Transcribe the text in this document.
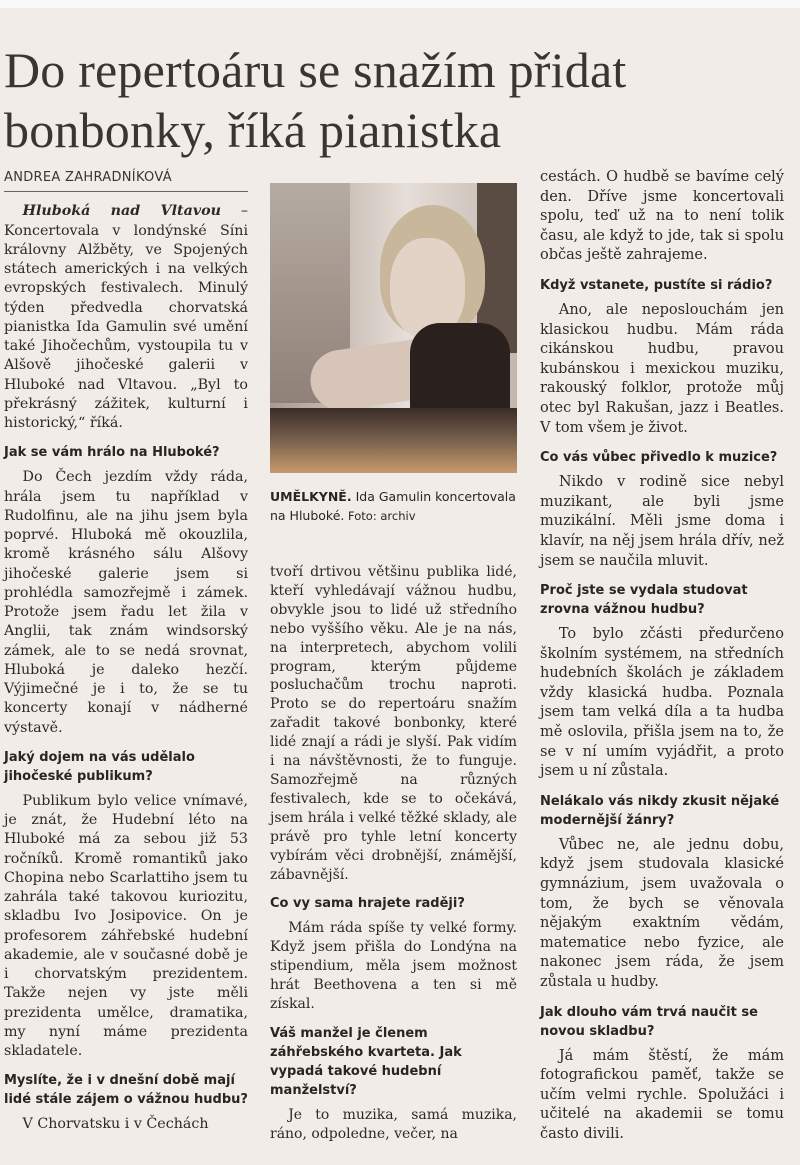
Do repertoáru se snažím přidat bonbonky, říká pianistka
ANDREA ZAHRADNÍKOVÁ

Hluboká nad Vltavou – Koncertovala v londýnské Síni královny Alžběty, ve Spojených státech amerických i na velkých evropských festivalech. Minulý týden předvedla chorvatská pianistka Ida Gamulin své umění také Jihočechům, vystoupila tu v Alšově jihočeské galerii v Hluboké nad Vltavou. „Byl to překrásný zážitek, kulturní i historický,“ říká.

Jak se vám hrálo na Hluboké?

Do Čech jezdím vždy ráda, hrála jsem tu například v Rudolfinu, ale na jihu jsem byla poprvé. Hluboká mě okouzlila, kromě krásného sálu Alšovy jihočeské galerie jsem si prohlédla samozřejmě i zámek. Protože jsem řadu let žila v Anglii, tak znám windsorský zámek, ale to se nedá srovnat, Hluboká je daleko hezčí. Výjimečné je i to, že se tu koncerty konají v nádherné výstavě.

Jaký dojem na vás udělalo jihočeské publikum?

Publikum bylo velice vnímavé, je znát, že Hudební léto na Hluboké má za sebou již 53 ročníků. Kromě romantiků jako Chopina nebo Scarlattiho jsem tu zahrála také takovou kuriozitu, skladbu Ivo Josipovice. On je profesorem záhřebské hudební akademie, ale v současné době je i chorvatským prezidentem. Takže nejen vy jste měli prezidenta umělce, dramatika, my nyní máme prezidenta skladatele.

Myslíte, že i v dnešní době mají lidé stále zájem o vážnou hudbu?

V Chorvatsku i v Čechách

UMĚLKYNĚ. Ida Gamulin koncertovala na Hluboké. Foto: archiv

tvoří drtivou většinu publika lidé, kteří vyhledávají vážnou hudbu, obvykle jsou to lidé už středního nebo vyššího věku. Ale je na nás, na interpretech, abychom volili program, kterým půjdeme posluchačům trochu naproti. Proto se do repertoáru snažím zařadit takové bonbonky, které lidé znají a rádi je slyší. Pak vidím i na návštěvnosti, že to funguje. Samozřejmě na různých festivalech, kde se to očekává, jsem hrála i velké těžké sklady, ale právě pro tyhle letní koncerty vybírám věci drobnější, známější, zábavnější.

Co vy sama hrajete raději?

Mám ráda spíše ty velké formy. Když jsem přišla do Londýna na stipendium, měla jsem možnost hrát Beethovena a ten si mě získal.

Váš manžel je členem záhřebského kvarteta. Jak vypadá takové hudební manželství?

Je to muzika, samá muzika, ráno, odpoledne, večer, na

cestách. O hudbě se bavíme celý den. Dříve jsme koncertovali spolu, teď už na to není tolik času, ale když to jde, tak si spolu občas ještě zahrajeme.

Když vstanete, pustíte si rádio?

Ano, ale neposlouchám jen klasickou hudbu. Mám ráda cikánskou hudbu, pravou kubánskou i mexickou muziku, rakouský folklor, protože můj otec byl Rakušan, jazz i Beatles. V tom všem je život.

Co vás vůbec přivedlo k muzice?

Nikdo v rodině sice nebyl muzikant, ale byli jsme muzikální. Měli jsme doma i klavír, na něj jsem hrála dřív, než jsem se naučila mluvit.

Proč jste se vydala studovat zrovna vážnou hudbu?

To bylo zčásti předurčeno školním systémem, na středních hudebních školách je základem vždy klasická hudba. Poznala jsem tam velká díla a ta hudba mě oslovila, přišla jsem na to, že se v ní umím vyjádřit, a proto jsem u ní zůstala.

Nelákalo vás nikdy zkusit nějaké modernější žánry?

Vůbec ne, ale jednu dobu, když jsem studovala klasické gymnázium, jsem uvažovala o tom, že bych se věnovala nějakým exaktním vědám, matematice nebo fyzice, ale nakonec jsem ráda, že jsem zůstala u hudby.

Jak dlouho vám trvá naučit se novou skladbu?

Já mám štěstí, že mám fotografickou paměť, takže se učím velmi rychle. Spolužáci i učitelé na akademii se tomu často divili.
